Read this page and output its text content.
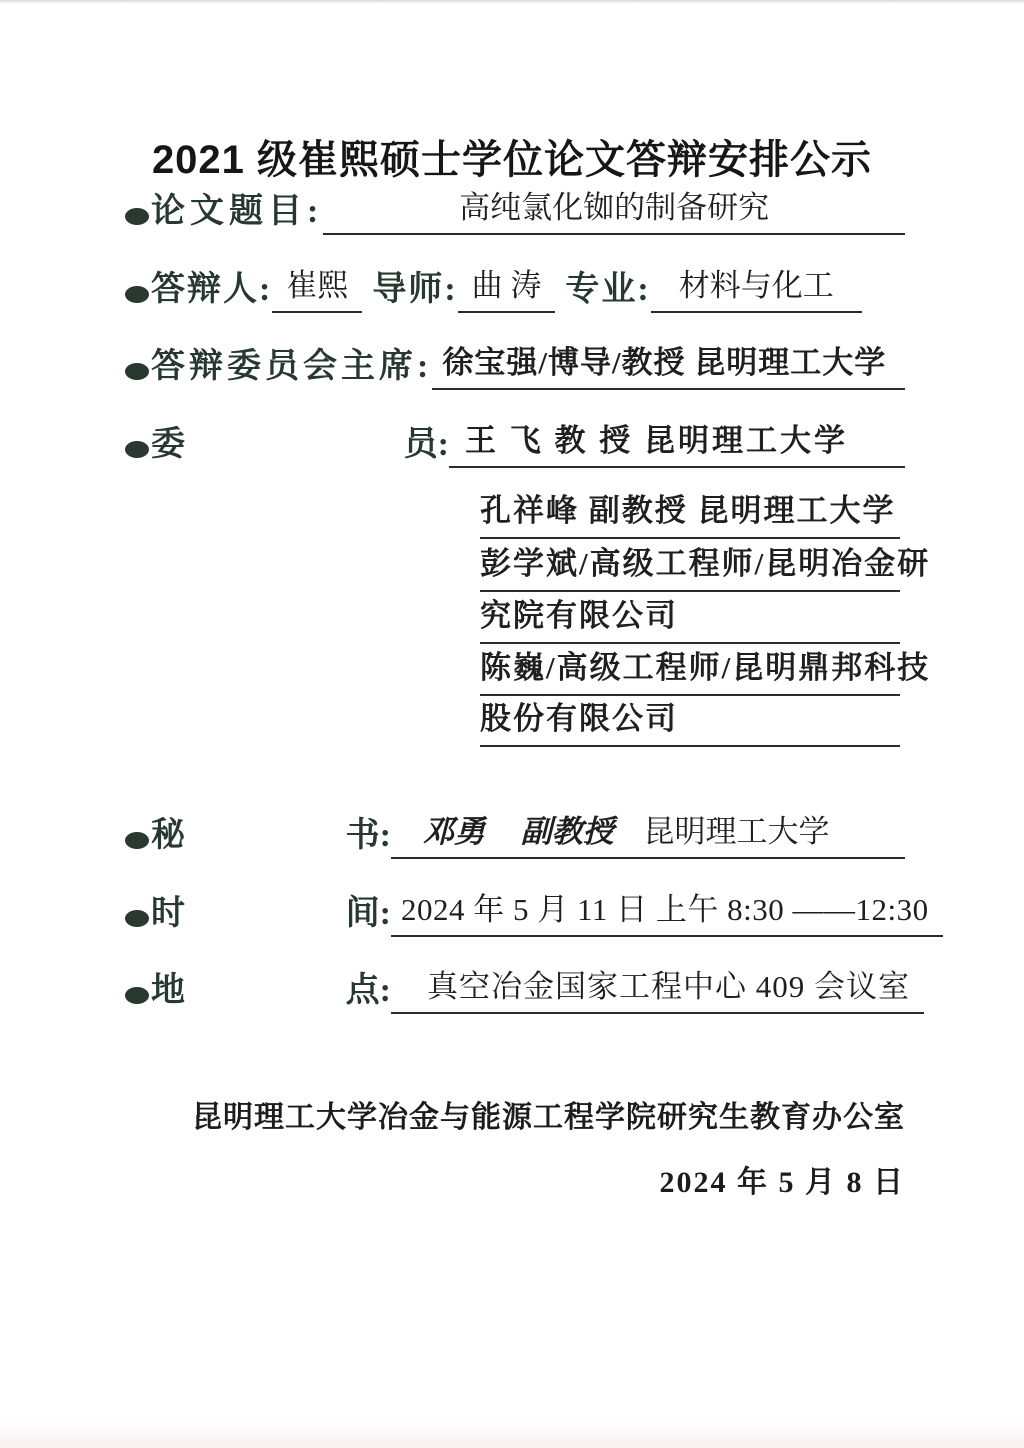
2021 级崔熙硕士学位论文答辩安排公示
论文题目:	高纯氯化铷的制备研究
答辩人: 崔熙 导师: 曲 涛 专业: 材料与化工
答辩委员会主席: 徐宝强/博导/教授 昆明理工大学
委	员: 王 飞 教 授 昆明理工大学
孔祥峰 副教授 昆明理工大学
彭学斌/高级工程师/昆明冶金研
究院有限公司
陈巍/高级工程师/昆明鼎邦科技
股份有限公司
秘	书:	邓勇 副教授 昆明理工大学
时	间: 2024 年 5 月 11 日 上午 8:30 ——12:30
地	点:	真空冶金国家工程中心 409 会议室

昆明理工大学冶金与能源工程学院研究生教育办公室

2024 年 5 月 8 日
